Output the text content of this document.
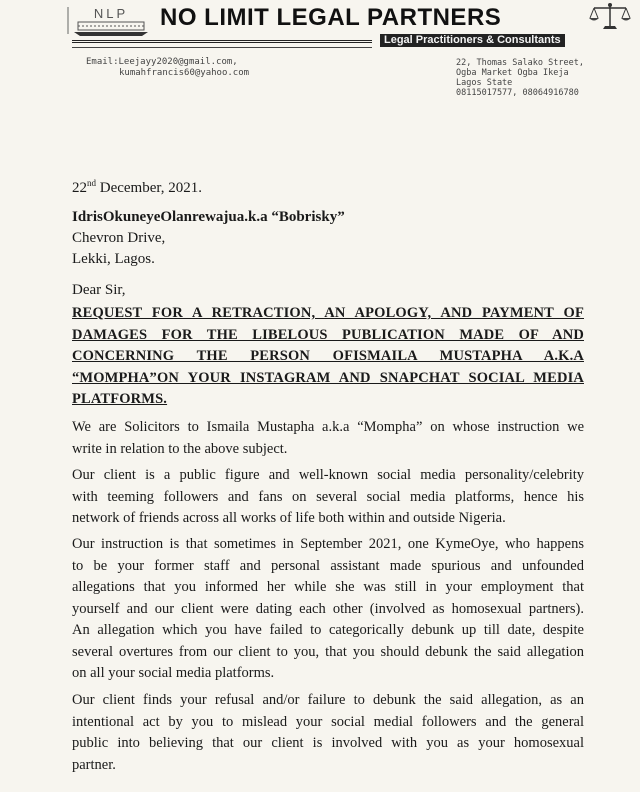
NLP	NO LIMIT LEGAL PARTNERS
Legal Practitioners & Consultants
Email:Leejayy2020@gmail.com,
kumahfrancis60@yahoo.com
22, Thomas Salako Street,
Ogba Market Ogba Ikeja
Lagos State
08115017577, 08064916780
22nd December, 2021.
IdrisOkuneyeOlanrewajua.k.a “Bobrisky”
Chevron Drive,
Lekki, Lagos.
Dear Sir,
REQUEST FOR A RETRACTION, AN APOLOGY, AND PAYMENT OF
DAMAGES FOR THE LIBELOUS PUBLICATION MADE OF AND
CONCERNING THE PERSON OFISMAILA MUSTAPHA A.K.A
“MOMPHA”ON YOUR INSTAGRAM AND SNAPCHAT SOCIAL MEDIA
PLATFORMS.
We are Solicitors to Ismaila Mustapha a.k.a “Mompha” on whose instruction we
write in relation to the above subject.
Our client is a public figure and well-known social media personality/celebrity
with teeming followers and fans on several social media platforms, hence his
network of friends across all works of life both within and outside Nigeria.
Our instruction is that sometimes in September 2021, one KymeOye, who happens
to be your former staff and personal assistant made spurious and unfounded
allegations that you informed her while she was still in your employment that
yourself and our client were dating each other (involved as homosexual partners).
An allegation which you have failed to categorically debunk up till date, despite
several overtures from our client to you, that you should debunk the said allegation
on all your social media platforms.
Our client finds your refusal and/or failure to debunk the said allegation, as an
intentional act by you to mislead your social medial followers and the general
public into believing that our client is involved with you as your homosexual
partner.
